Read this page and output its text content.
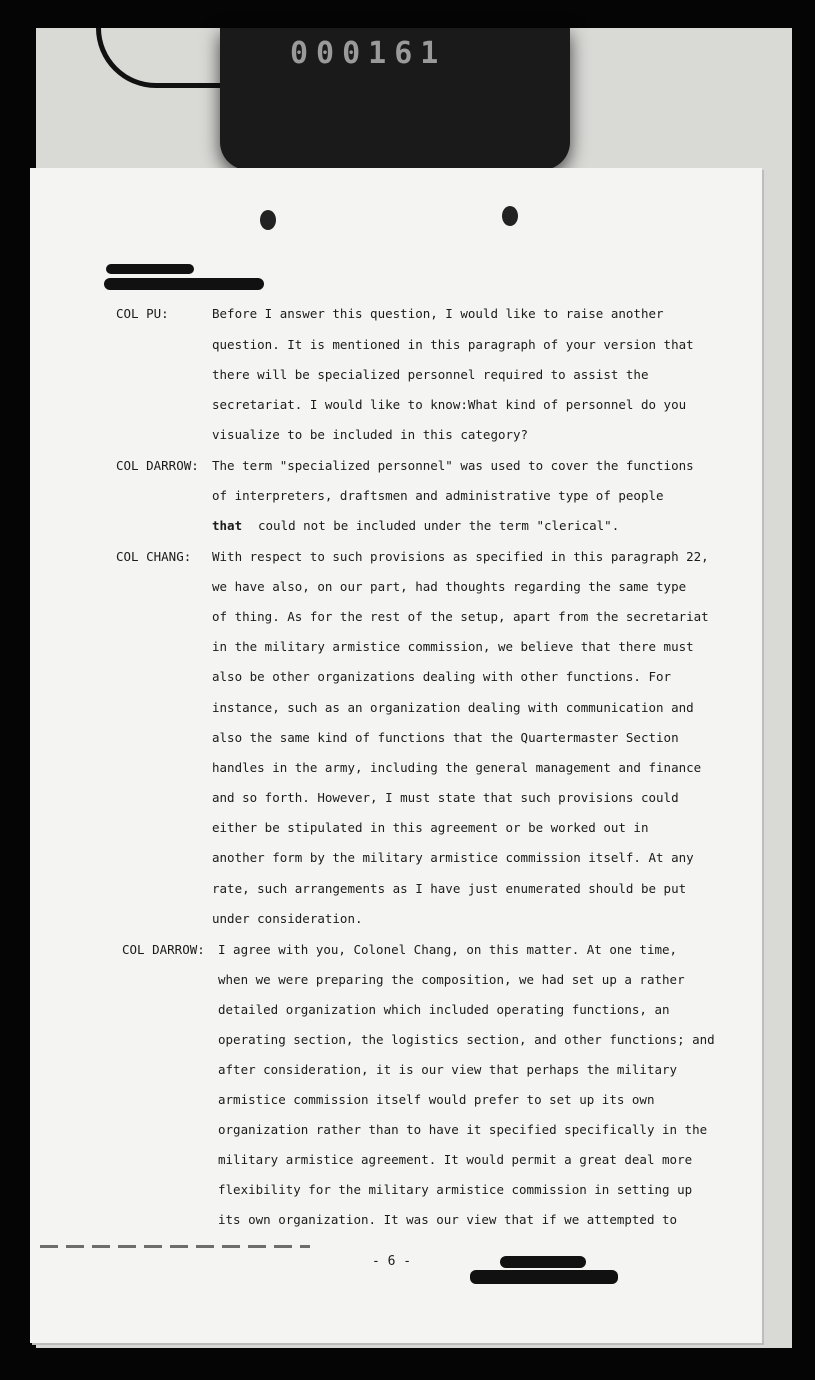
000161
COL PU:	Before I answer this question, I would like to raise another
question. It is mentioned in this paragraph of your version that
there will be specialized personnel required to assist the
secretariat. I would like to know:What kind of personnel do you
visualize to be included in this category?
COL DARROW: The term "specialized personnel" was used to cover the functions
of interpreters, draftsmen and administrative type of people
that could not be included under the term "clerical".
COL CHANG: With respect to such provisions as specified in this paragraph 22,
we have also, on our part, had thoughts regarding the same type
of thing. As for the rest of the setup, apart from the secretariat
in the military armistice commission, we believe that there must
also be other organizations dealing with other functions. For
instance, such as an organization dealing with communication and
also the same kind of functions that the Quartermaster Section
handles in the army, including the general management and finance
and so forth. However, I must state that such provisions could
either be stipulated in this agreement or be worked out in
another form by the military armistice commission itself. At any
rate, such arrangements as I have just enumerated should be put
under consideration.
COL DARROW: I agree with you, Colonel Chang, on this matter. At one time,
when we were preparing the composition, we had set up a rather
detailed organization which included operating functions, an
operating section, the logistics section, and other functions; and
after consideration, it is our view that perhaps the military
armistice commission itself would prefer to set up its own
organization rather than to have it specified specifically in the
military armistice agreement. It would permit a great deal more
flexibility for the military armistice commission in setting up
its own organization. It was our view that if we attempted to
- 6 -
